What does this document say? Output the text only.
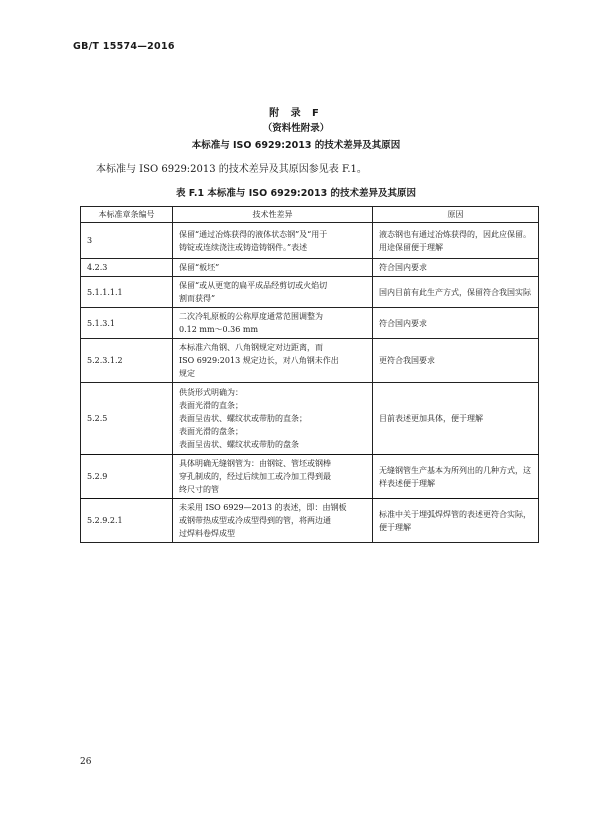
GB/T 15574—2016
附 录 F
（资料性附录）
本标准与 ISO 6929:2013 的技术差异及其原因
本标准与 ISO 6929:2013 的技术差异及其原因参见表 F.1。
表 F.1 本标准与 ISO 6929:2013 的技术差异及其原因
本标准章条编号	技术性差异	原因
3	保留“通过冶炼获得的液体状态钢”及“用于
铸锭或连续浇注或铸造铸钢件。”表述	液态钢也有通过冶炼获得的，因此应保留。
用途保留便于理解

4.2.3	保留“板坯”	符合国内要求

5.1.1.1.1	保留“或从更宽的扁平成品经剪切或火焰切
割而获得”	国内目前有此生产方式，保留符合我国实际

5.1.3.1	二次冷轧原板的公称厚度通常范围调整为
0.12 mm～0.36 mm	符合国内要求

5.2.3.1.2	本标准六角钢、八角钢规定对边距离，而
ISO 6929:2013 规定边长，对八角钢未作出
规定	更符合我国要求

5.2.5	供货形式明确为：
表面光滑的直条；
表面呈齿状、螺纹状或带肋的直条；
表面光滑的盘条；
表面呈齿状、螺纹状或带肋的盘条	目前表述更加具体，便于理解

5.2.9	具体明确无缝钢管为：由钢锭、管坯或钢棒
穿孔制成的，经过后续加工或冷加工得到最
终尺寸的管	无缝钢管生产基本为所列出的几种方式，这
样表述便于理解

5.2.9.2.1	未采用 ISO 6929—2013 的表述，即：由钢板
或钢带热成型或冷成型得到的管，将两边通
过焊料卷焊成型	标准中关于埋弧焊焊管的表述更符合实际，
便于理解
26
